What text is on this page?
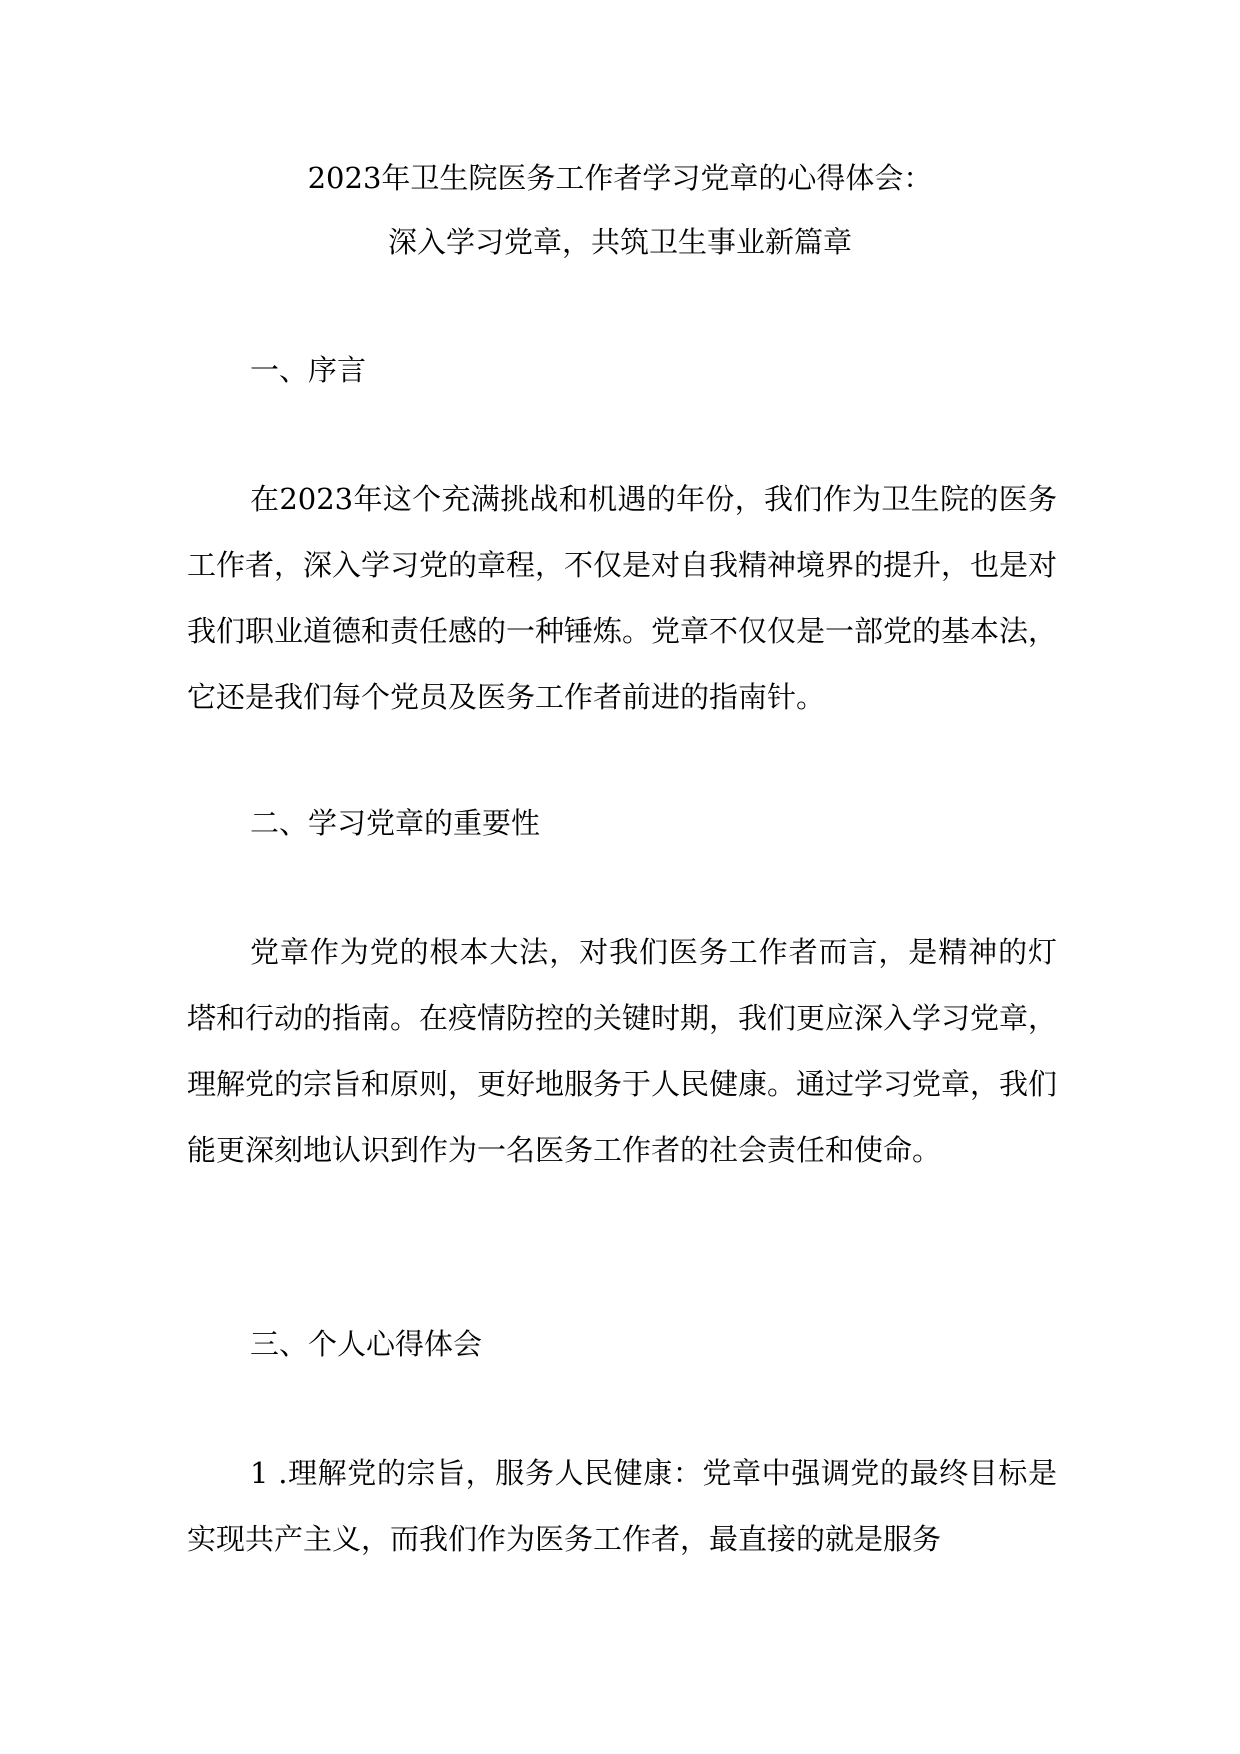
2023年卫生院医务工作者学习党章的心得体会：
深入学习党章，共筑卫生事业新篇章
一、序言
在2023年这个充满挑战和机遇的年份，我们作为卫生院的医务工作者，深入学习党的章程，不仅是对自我精神境界的提升，也是对我们职业道德和责任感的一种锤炼。党章不仅仅是一部党的基本法，它还是我们每个党员及医务工作者前进的指南针。
二、学习党章的重要性
党章作为党的根本大法，对我们医务工作者而言，是精神的灯塔和行动的指南。在疫情防控的关键时期，我们更应深入学习党章，理解党的宗旨和原则，更好地服务于人民健康。通过学习党章，我们能更深刻地认识到作为一名医务工作者的社会责任和使命。
三、个人心得体会
1 .理解党的宗旨，服务人民健康：党章中强调党的最终目标是实现共产主义，而我们作为医务工作者，最直接的就是服务
